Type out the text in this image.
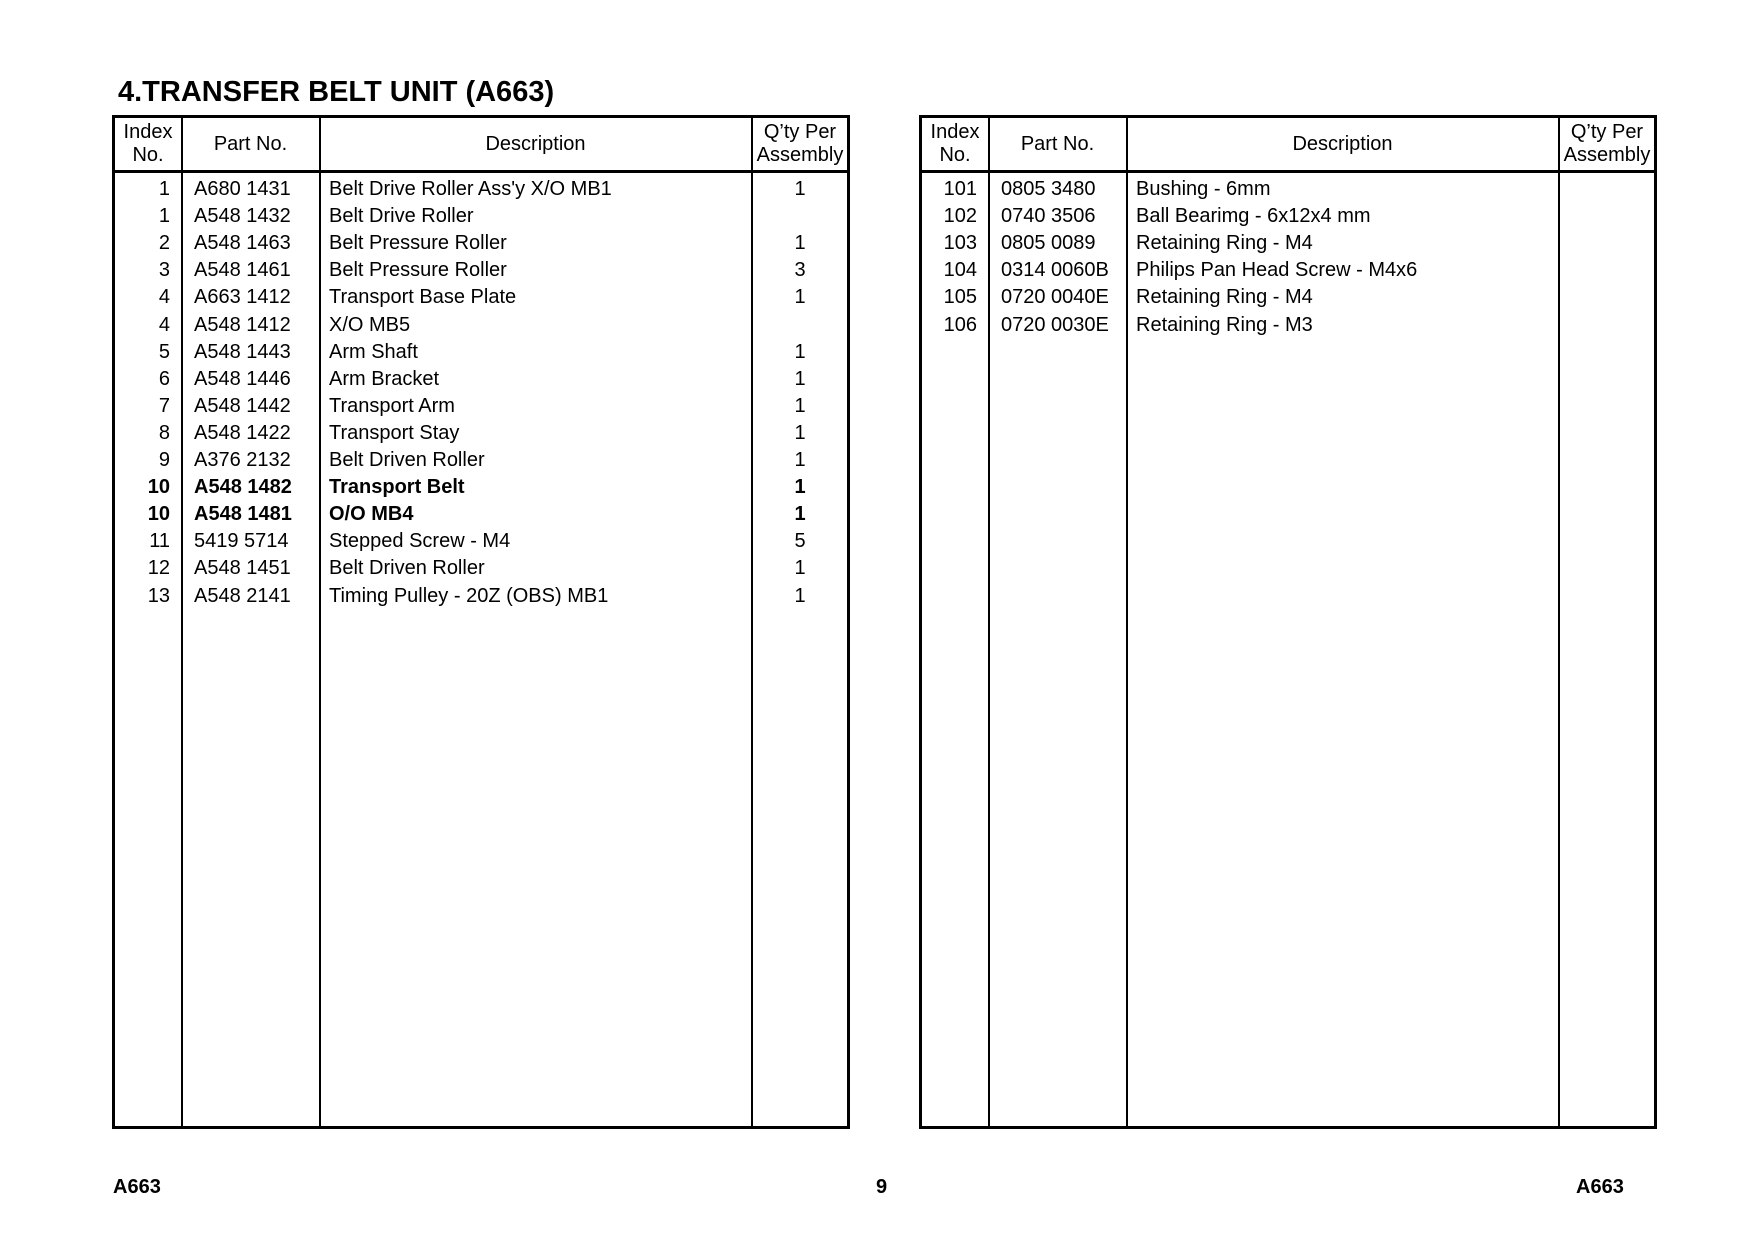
4.TRANSFER BELT UNIT (A663)
Index
No.
Part No.	Description
Q’ty Per
Assembly
1 A680 1431	Belt Drive Roller Ass'y X/O MB1	1
1 A548 1432	Belt Drive Roller
2 A548 1463	Belt Pressure Roller	1
3 A548 1461	Belt Pressure Roller	3
4 A663 1412	Transport Base Plate	1
4 A548 1412	X/O MB5
5 A548 1443	Arm Shaft	1
6 A548 1446	Arm Bracket	1
7 A548 1442	Transport Arm	1
8 A548 1422	Transport Stay	1
9 A376 2132	Belt Driven Roller	1
10 A548 1482	Transport Belt	1
10 A548 1481	O/O MB4	1
11 5419 5714	Stepped Screw - M4	5
12 A548 1451	Belt Driven Roller	1
13 A548 2141	Timing Pulley - 20Z (OBS) MB1	1
Index
No.
Part No.	Description
Q’ty Per
Assembly
101 0805 3480	Bushing - 6mm
102 0740 3506	Ball Bearimg - 6x12x4 mm
103 0805 0089	Retaining Ring - M4
104 0314 0060B	Philips Pan Head Screw - M4x6
105 0720 0040E	Retaining Ring - M4
106 0720 0030E	Retaining Ring - M3
A663	9	A663
